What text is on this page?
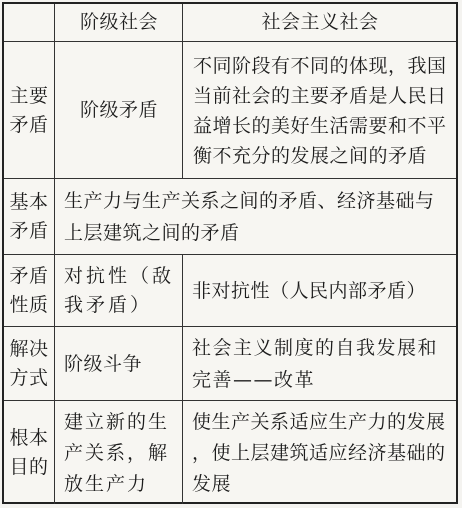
阶级社会	社会主义社会
主要
矛盾
阶级矛盾
不同阶段有不同的体现，我国当前社会的主要矛盾是人民日益增长的美好生活需要和不平衡不充分的发展之间的矛盾
基本
矛盾
生产力与生产关系之间的矛盾、经济基础与上层建筑之间的矛盾
矛盾
性质
对抗性（敌我矛盾）
非对抗性（人民内部矛盾）
解决
方式
阶级斗争
社会主义制度的自我发展和完善——改革
根本
目的
建立新的生产关系，解放生产力
使生产关系适应生产力的发展，使上层建筑适应经济基础的发展
